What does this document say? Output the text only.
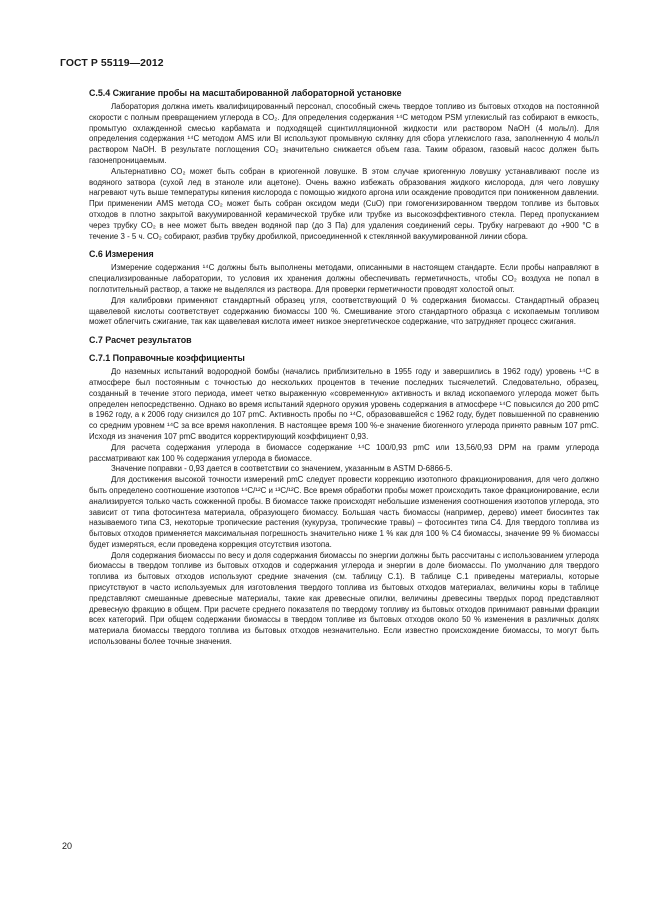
ГОСТ Р 55119—2012
С.5.4 Сжигание пробы на масштабированной лабораторной установке

Лаборатория должна иметь квалифицированный персонал, способный сжечь твердое топливо из бытовых отходов на постоянной скорости с полным превращением углерода в CO₂. Для определения содержания ¹⁴С методом PSM углекислый газ собирают в емкость, промытую охлажденной смесью карбамата и подходящей сцинтилляционной жидкости или раствором NaOH (4 моль/л). Для определения содержания ¹⁴С методом AMS или BI используют промывную склянку для сбора углекислого газа, заполненную 4 моль/л раствором NaOH. В результате поглощения CO₂ значительно снижается объем газа. Таким образом, газовый насос должен быть газонепроницаемым.

Альтернативно CO₂ может быть собран в криогенной ловушке. В этом случае криогенную ловушку устанавливают после из водяного затвора (сухой лед в этаноле или ацетоне). Очень важно избежать образования жидкого кислорода, для чего ловушку нагревают чуть выше температуры кипения кислорода с помощью жидкого аргона или осаждение проводится при пониженном давлении. При применении AMS метода CO₂ может быть собран оксидом меди (CuO) при гомогенизированном твердом топливе из бытовых отходов в плотно закрытой вакуумированной керамической трубке или трубке из высокоэффективного стекла. Перед пропусканием через трубку CO₂ в нее может быть введен водяной пар (до 3 Па) для удаления соединений серы. Трубку нагревают до +900 °С в течение 3 - 5 ч. CO₂ собирают, разбив трубку дробилкой, присоединенной к стеклянной вакуумированной линии сбора.

С.6 Измерения

Измерение содержания ¹⁴С должны быть выполнены методами, описанными в настоящем стандарте. Если пробы направляют в специализированные лаборатории, то условия их хранения должны обеспечивать герметичность, чтобы CO₂ воздуха не попал в поглотительный раствор, а также не выделялся из раствора. Для проверки герметичности проводят холостой опыт.

Для калибровки применяют стандартный образец угля, соответствующий 0 % содержания биомассы. Стандартный образец щавелевой кислоты соответствует содержанию биомассы 100 %. Смешивание этого стандартного образца с ископаемым топливом может облегчить сжигание, так как щавелевая кислота имеет низкое энергетическое содержание, что затрудняет процесс сжигания.

С.7 Расчет результатов
С.7.1 Поправочные коэффициенты

До наземных испытаний водородной бомбы (начались приблизительно в 1955 году и завершились в 1962 году) уровень ¹⁴С в атмосфере был постоянным с точностью до нескольких процентов в течение последних тысячелетий. Следовательно, образец, созданный в течение этого периода, имеет четко выраженную «современную» активность и вклад ископаемого углерода может быть определен непосредственно. Однако во время испытаний ядерного оружия уровень содержания в атмосфере ¹⁴С повысился до 200 pmC в 1962 году, а к 2006 году снизился до 107 pmC. Активность пробы по ¹⁴С, образовавшейся с 1962 году, будет повышенной по сравнению со средним уровнем ¹⁴С за все время накопления. В настоящее время 100 %-е значение биогенного углерода принято равным 107 pmC. Исходя из значения 107 pmC вводится корректирующий коэффициент 0,93.

Для расчета содержания углерода в биомассе содержание ¹⁴С 100/0,93 pmC или 13,56/0,93 DPM на грамм углерода рассматривают как 100 % содержания углерода в биомассе.

Значение поправки - 0,93 дается в соответствии со значением, указанным в ASTM D-6866-5.

Для достижения высокой точности измерений pmC следует провести коррекцию изотопного фракционирования, для чего должно быть определено соотношение изотопов ¹⁴С/¹²С и ¹³С/¹²С. Все время обработки пробы может происходить такое фракционирование, если анализируется только часть сожженной пробы. В биомассе также происходят небольшие изменения соотношения изотопов углерода, это зависит от типа фотосинтеза материала, образующего биомассу. Большая часть биомассы (например, дерево) имеет биосинтез так называемого типа С3, некоторые тропические растения (кукуруза, тропические травы) – фотосинтез типа С4. Для твердого топлива из бытовых отходов применяется максимальная погрешность значительно ниже 1 % как для 100 % С4 биомассы, значение 99 % биомассы будет измеряться, если проведена коррекция отсутствия изотопа.

Доля содержания биомассы по весу и доля содержания биомассы по энергии должны быть рассчитаны с использованием углерода биомассы в твердом топливе из бытовых отходов и содержания углерода и энергии в доле биомассы. По умолчанию для твердого топлива из бытовых отходов используют средние значения (см. таблицу С.1). В таблице С.1 приведены материалы, которые присутствуют в часто используемых для изготовления твердого топлива из бытовых отходов материалах, величины коры в таблице представляют смешанные древесные материалы, такие как древесные опилки, величины древесины твердых пород представляют древесную фракцию в общем. При расчете среднего показателя по твердому топливу из бытовых отходов принимают равными фракции всех категорий. При общем содержании биомассы в твердом топливе из бытовых отходов около 50 % изменения в различных долях материала биомассы твердого топлива из бытовых отходов незначительно. Если известно происхождение биомассы, то могут быть использованы более точные значения.

20
